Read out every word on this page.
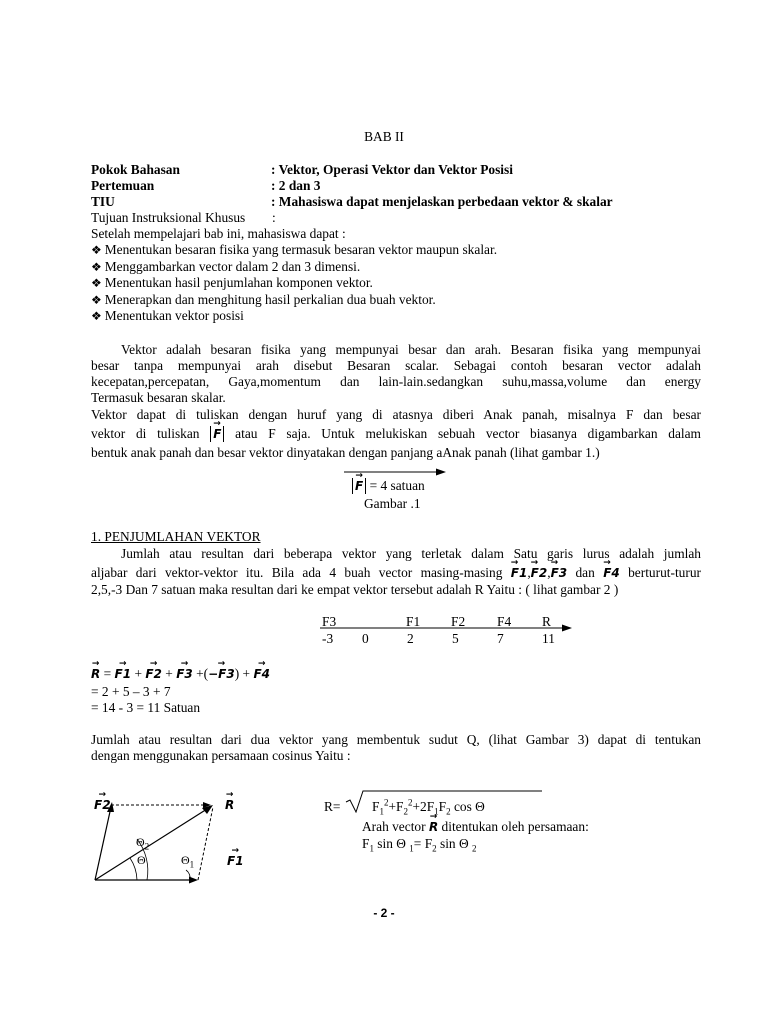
BAB II
Pokok Bahasan	: Vektor, Operasi Vektor dan Vektor Posisi
Pertemuan	: 2 dan 3
TIU	: Mahasiswa dapat menjelaskan perbedaan vektor & skalar
Tujuan Instruksional Khusus :
Setelah mempelajari bab ini, mahasiswa dapat :
❖ Menentukan besaran fisika yang termasuk besaran vektor maupun skalar.
❖ Menggambarkan vector dalam 2 dan 3 dimensi.
❖ Menentukan hasil penjumlahan komponen vektor.
❖ Menerapkan dan menghitung hasil perkalian dua buah vektor.
❖ Menentukan vektor posisi
Vektor adalah besaran fisika yang mempunyai besar dan arah. Besaran fisika yang mempunyai
besar tanpa mempunyai arah disebut Besaran scalar. Sebagai contoh besaran vector adalah
kecepatan,percepatan, Gaya,momentum dan lain-lain.sedangkan suhu,massa,volume dan energy
Termasuk besaran skalar.
Vektor dapat di tuliskan dengan huruf yang di atasnya diberi Anak panah, misalnya F dan besar
vektor di tuliskan → F atau F saja. Untuk melukiskan sebuah vector biasanya digambarkan dalam
bentuk anak panah dan besar vektor dinyatakan dengan panjang aAnak panah (lihat gambar 1.)
→ F = 4 satuan
Gambar .1
1. PENJUMLAHAN VEKTOR
Jumlah atau resultan dari beberapa vektor yang terletak dalam Satu garis lurus adalah jumlah
aljabar dari vektor-vektor itu. Bila ada 4 buah vector masing-masing → F1,→ F2,→ F3 dan → F4 berturut-turur
2,5,-3 Dan 7 satuan maka resultan dari ke empat vektor tersebut adalah R Yaitu : ( lihat gambar 2 )
F3	F1 F2 F4 R
-3 0	2	5	7	11
→ R = → F1 + → F2 + → F3 +(→ −F3) + → F4
= 2 + 5 – 3 + 7
= 14 - 3 = 11 Satuan
Jumlah atau resultan dari dua vektor yang membentuk sudut Q, (lihat Gambar 3) dapat di tentukan
dengan menggunakan persamaan cosinus Yaitu :
→ F2	→ R
→ F1
$\Theta_2$
Θ	$\Theta_1$
$R= F_1^2+F_2^2+2F_1F_2$ cos Θ
Arah vector → R ditentukan oleh persamaan:
$F_1$ sin Θ $_1= F_2$ sin Θ $_2$
- 2 -
